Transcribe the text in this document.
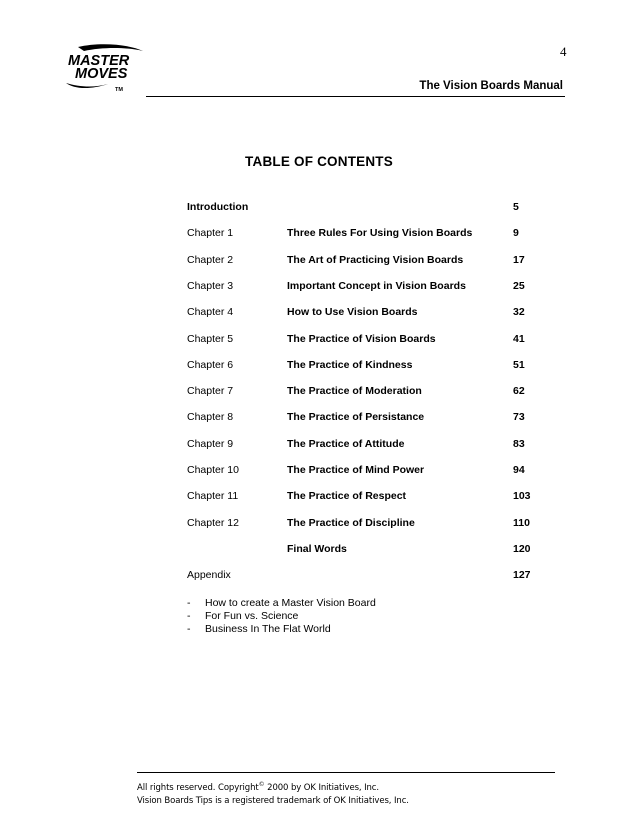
4
MASTER
MOVES
TM	The Vision Boards Manual
TABLE OF CONTENTS
Introduction	5
Chapter 1	Three Rules For Using Vision Boards	9
Chapter 2	The Art of Practicing Vision Boards	17
Chapter 3	Important Concept in Vision Boards	25
Chapter 4	How to Use Vision Boards	32
Chapter 5	The Practice of Vision Boards	41
Chapter 6	The Practice of Kindness	51
Chapter 7	The Practice of Moderation	62
Chapter 8	The Practice of Persistance	73
Chapter 9	The Practice of Attitude	83
Chapter 10	The Practice of Mind Power	94
Chapter 11	The Practice of Respect	103
Chapter 12	The Practice of Discipline	110
Final Words	120
Appendix	127
- How to create a Master Vision Board
- For Fun vs. Science
- Business In The Flat World
All rights reserved. Copyright© 2000 by OK Initiatives, Inc.
Vision Boards Tips is a registered trademark of OK Initiatives, Inc.
